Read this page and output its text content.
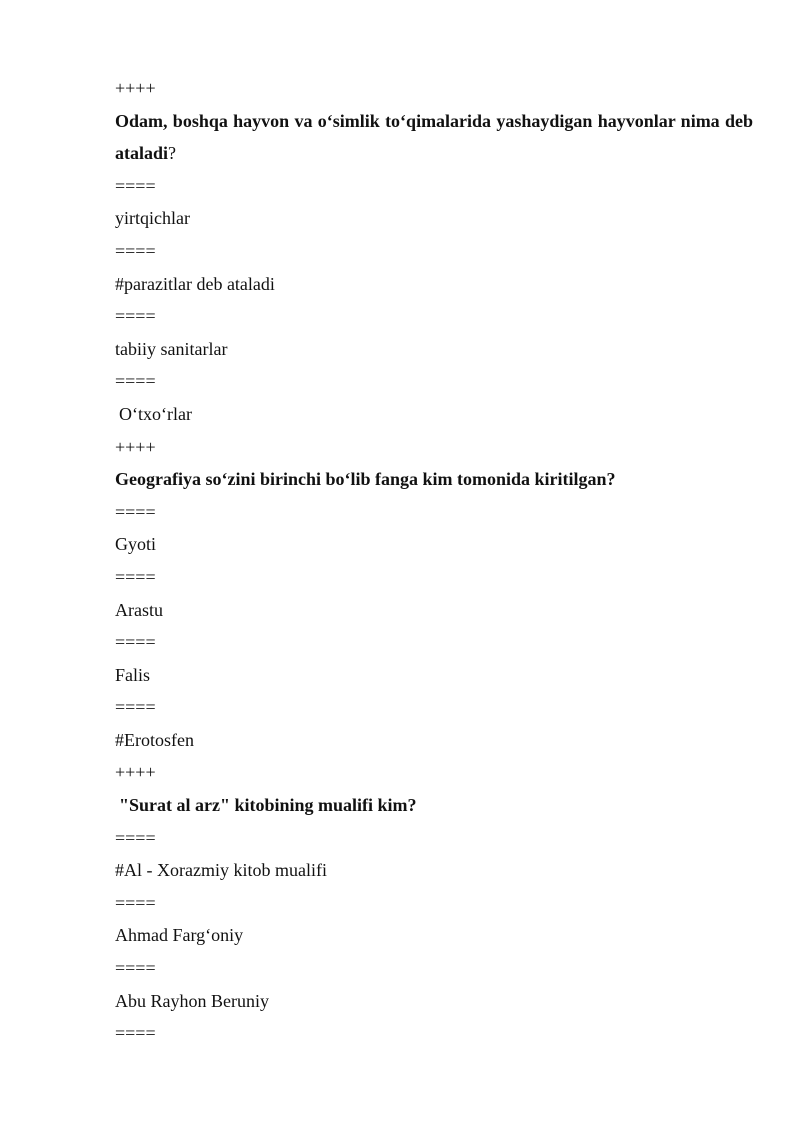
++++
Odam, boshqa hayvon va o‘simlik to‘qimalarida yashaydigan hayvonlar nima deb ataladi?
====
yirtqichlar
====
#parazitlar deb ataladi
====
tabiiy sanitarlar
====
O‘txo‘rlar
++++
Geografiya so‘zini birinchi bo‘lib fanga kim tomonida kiritilgan?
====
Gyoti
====
Arastu
====
Falis
====
#Erotosfen
++++
"Surat al arz" kitobining mualifi kim?
====
#Al - Xorazmiy kitob mualifi
====
Ahmad Farg‘oniy
====
Abu Rayhon Beruniy
====
